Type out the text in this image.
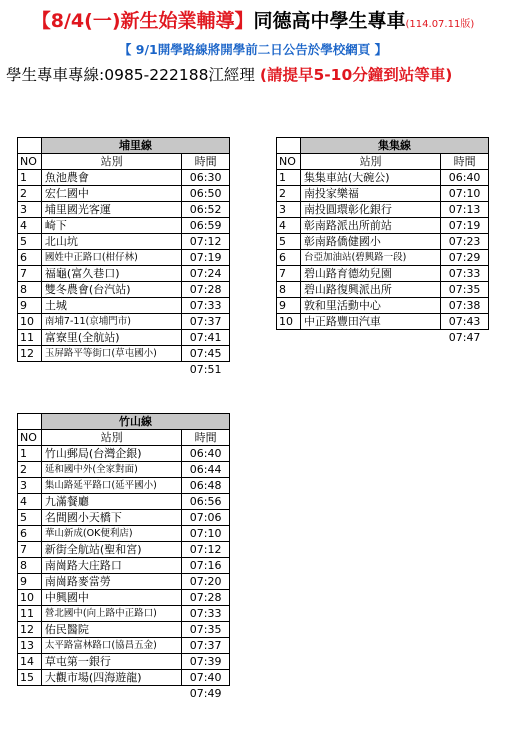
【8/4(一)新生始業輔導】同德高中學生專車(114.07.11版)
【 9/1開學路線將開學前二日公告於學校網頁 】
學生專車專線:0985-222188江經理 (請提早5-10分鐘到站等車)
	埔里線	
NO	站別	時間
1	魚池農會	06:30
2	宏仁國中	06:50
3	埔里國光客運	06:52
4	崎下	06:59
5	北山坑	07:12
6	國姓中正路口(柑仔林)	07:19
7	福龜(富久巷口)	07:24
8	雙冬農會(台汽站)	07:28
9	土城	07:33
10	南埔7-11(京埔門市)	07:37
11	富寮里(全航站)	07:41
12	玉屏路平等街口(草屯國小)	07:45
		07:51
	集集線	
NO	站別	時間
1	集集車站(大碗公)	06:40
2	南投家樂福	07:10
3	南投圓環彰化銀行	07:13
4	彰南路派出所前站	07:19
5	彰南路僑健國小	07:23
6	台亞加油站(碧興路一段)	07:29
7	碧山路育德幼兒園	07:33
8	碧山路復興派出所	07:35
9	敦和里活動中心	07:38
10	中正路豐田汽車	07:43
		07:47
	竹山線	
NO	站別	時間
1	竹山郵局(台灣企銀)	06:40
2	延和國中外(全家對面)	06:44
3	集山路延平路口(延平國小)	06:48
4	九滿餐廳	06:56
5	名間國小天橋下	07:06
6	華山新成(OK便利店)	07:10
7	新街全航站(聖和宮)	07:12
8	南崗路大庄路口	07:16
9	南崗路麥當勞	07:20
10	中興國中	07:28
11	營北國中(向上路中正路口)	07:33
12	佑民醫院	07:35
13	太平路富林路口(協昌五金)	07:37
14	草屯第一銀行	07:39
15	大觀市場(四海遊龍)	07:40
		07:49
